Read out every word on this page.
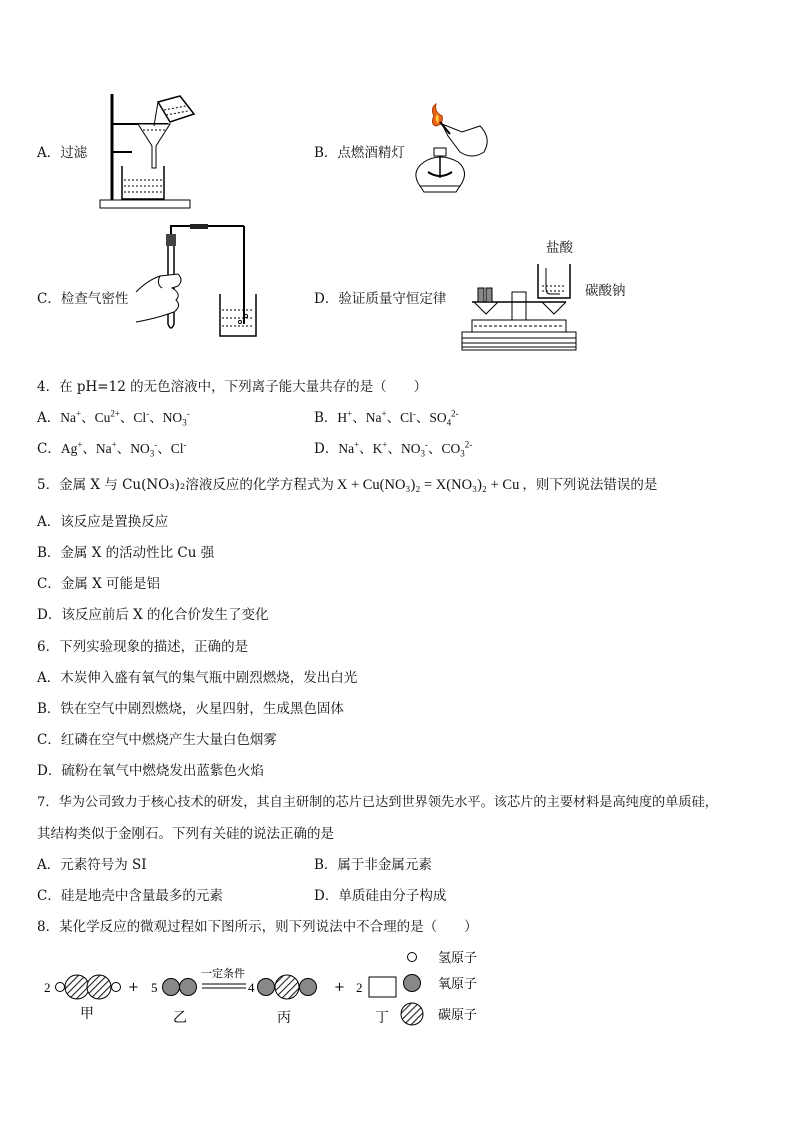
A．过滤	B．点燃酒精灯
C．检查气密性	D．验证质量守恒定律
盐酸
碳酸钠
4．在 pH=12 的无色溶液中，下列离子能大量共存的是（　　）
A．Na+、$Cu^{2+}$、Cl-、$NO_3^-$	B．H+、Na+、Cl-、$SO_4^{2-}$
C．Ag+、Na+、$NO_3^-$、Cl-	D．Na+、K+、$NO_3^-$、$CO_3^{2-}$
5．金属 X 与 Cu(NO₃)₂溶液反应的化学方程式为 X + Cu(NO₃)₂ = X(NO₃)₂ + Cu ，则下列说法错误的是
A．该反应是置换反应
B．金属 X 的活动性比 Cu 强
C．金属 X 可能是铝
D．该反应前后 X 的化合价发生了变化
6．下列实验现象的描述，正确的是
A．木炭伸入盛有氧气的集气瓶中剧烈燃烧，发出白光
B．铁在空气中剧烈燃烧，火星四射，生成黑色固体
C．红磷在空气中燃烧产生大量白色烟雾
D．硫粉在氧气中燃烧发出蓝紫色火焰
7．华为公司致力于核心技术的研发，其自主研制的芯片已达到世界领先水平。该芯片的主要材料是高纯度的单质硅，
其结构类似于金刚石。下列有关硅的说法正确的是
A．元素符号为 SI	B．属于非金属元素
C．硅是地壳中含量最多的元素	D．单质硅由分子构成
8．某化学反应的微观过程如下图所示，则下列说法中不合理的是（　　）
2	+ 5
一定条件
4	+ 2
甲	乙	丙	丁
氢原子
氧原子
碳原子
